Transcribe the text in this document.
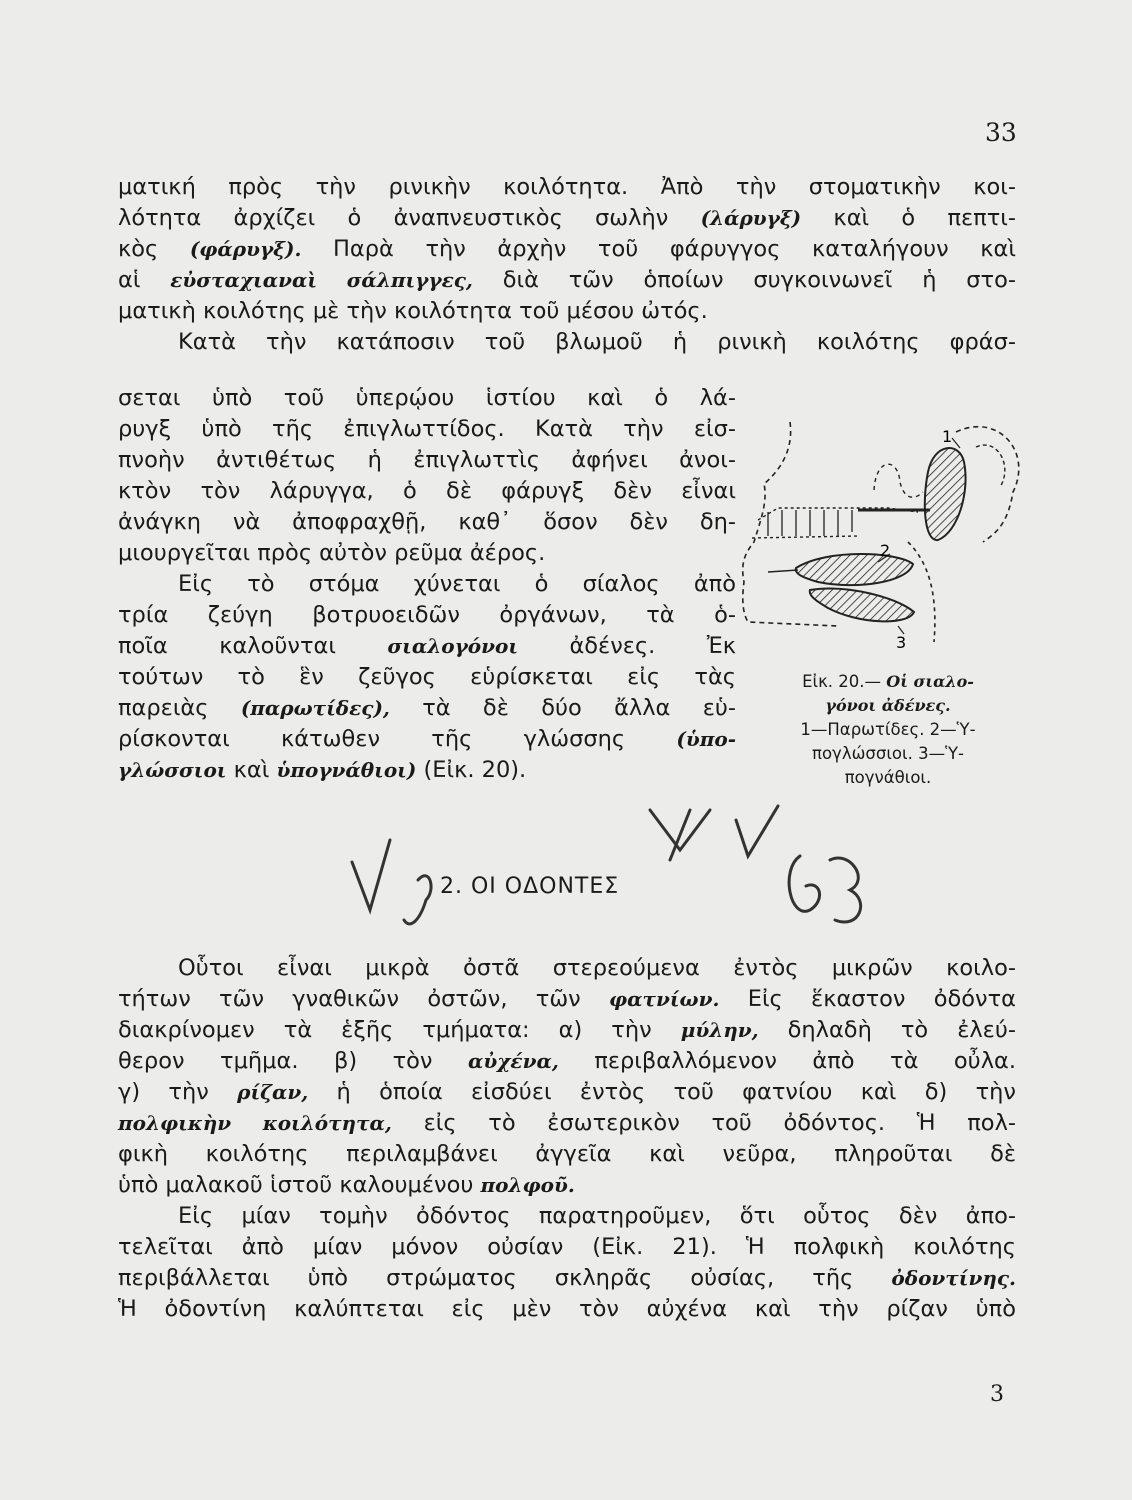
33
ματική πρὸς τὴν ρινικὴν κοιλότητα. Ἀπὸ τὴν στοματικὴν κοι-
λότητα ἀρχίζει ὁ ἀναπνευστικὸς σωλὴν (λάρυγξ) καὶ ὁ πεπτι-
κὸς (φάρυγξ). Παρὰ τὴν ἀρχὴν τοῦ φάρυγγος καταλήγουν καὶ
αἱ εὐσταχιαναὶ σάλπιγγες, διὰ τῶν ὁποίων συγκοινωνεῖ ἡ στο-
ματικὴ κοιλότης μὲ τὴν κοιλότητα τοῦ μέσου ὠτός.
Κατὰ τὴν κατάποσιν τοῦ βλωμοῦ ἡ ρινικὴ κοιλότης φράσ-
σεται ὑπὸ τοῦ ὑπερῴου ἱστίου καὶ ὁ λά-
ρυγξ ὑπὸ τῆς ἐπιγλωττίδος. Κατὰ τὴν εἰσ-
πνοὴν ἀντιθέτως ἡ ἐπιγλωττὶς ἀφήνει ἀνοι-
κτὸν τὸν λάρυγγα, ὁ δὲ φάρυγξ δὲν εἶναι
ἀνάγκη νὰ ἀποφραχθῇ, καθ᾽ ὅσον δὲν δη-
μιουργεῖται πρὸς αὐτὸν ρεῦμα ἀέρος.
Εἰς τὸ στόμα χύνεται ὁ σίαλος ἀπὸ
τρία ζεύγη βοτρυοειδῶν ὀργάνων, τὰ ὁ-
ποῖα καλοῦνται σιαλογόνοι ἀδένες. Ἐκ
τούτων τὸ ἓν ζεῦγος εὑρίσκεται εἰς τὰς
παρειὰς (παρωτίδες), τὰ δὲ δύο ἄλλα εὑ-
ρίσκονται κάτωθεν τῆς γλώσσης (ὑπο-
γλώσσιοι καὶ ὑπογνάθιοι) (Εἰκ. 20).
1
2
3
Εἰκ. 20.— Οἱ σιαλο-
γόνοι ἀδένες.
1—Παρωτίδες. 2—Ὑ-
πογλώσσιοι. 3—Ὑ-
πογνάθιοι.
2. ΟΙ ΟΔΟΝΤΕΣ
Οὗτοι εἶναι μικρὰ ὀστᾶ στερεούμενα ἐντὸς μικρῶν κοιλο-
τήτων τῶν γναθικῶν ὀστῶν, τῶν φατνίων. Εἰς ἕκαστον ὀδόντα
διακρίνομεν τὰ ἑξῆς τμήματα: α) τὴν μύλην, δηλαδὴ τὸ ἐλεύ-
θερον τμῆμα. β) τὸν αὐχένα, περιβαλλόμενον ἀπὸ τὰ οὖλα.
γ) τὴν ρίζαν, ἡ ὁποία εἰσδύει ἐντὸς τοῦ φατνίου καὶ δ) τὴν
πολφικὴν κοιλότητα, εἰς τὸ ἐσωτερικὸν τοῦ ὀδόντος. Ἡ πολ-
φικὴ κοιλότης περιλαμβάνει ἀγγεῖα καὶ νεῦρα, πληροῦται δὲ
ὑπὸ μαλακοῦ ἱστοῦ καλουμένου πολφοῦ.
Εἰς μίαν τομὴν ὀδόντος παρατηροῦμεν, ὅτι οὗτος δὲν ἀπο-
τελεῖται ἀπὸ μίαν μόνον οὐσίαν (Εἰκ. 21). Ἡ πολφικὴ κοιλότης
περιβάλλεται ὑπὸ στρώματος σκληρᾶς οὐσίας, τῆς ὀδοντίνης.
Ἡ ὀδοντίνη καλύπτεται εἰς μὲν τὸν αὐχένα καὶ τὴν ρίζαν ὑπὸ
3
